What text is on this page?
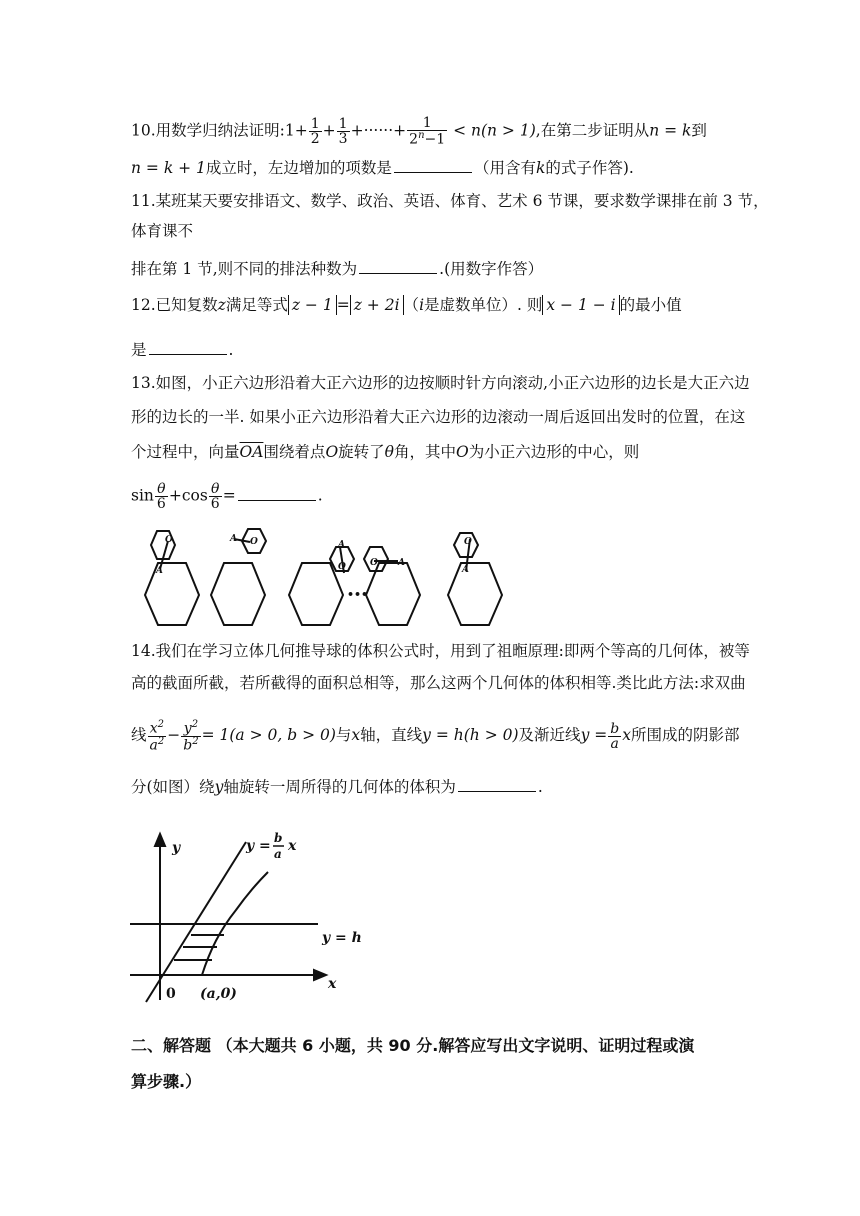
10.用数学归纳法证明:1+ $\frac{1}{2} + \frac{1}{3}$ +······+ $\frac{1}{2^n-1} < n(n > 1)$,在第二步证明从n = k到
n = k + 1成立时，左边增加的项数是	（用含有k的式子作答).
11.某班某天要安排语文、数学、政治、英语、体育、艺术 6 节课，要求数学课排在前 3 节，
体育课不
排在第 1 节,则不同的排法种数为	.(用数字作答）
12.已知复数z满足等式 z − 1 = z + 2i （i是虚数单位）. 则 x − 1 − i 的最小值
是	.
13.如图，小正六边形沿着大正六边形的边按顺时针方向滚动,小正六边形的边长是大正六边
形的边长的一半. 如果小正六边形沿着大正六边形的边滚动一周后返回出发时的位置，在这
个过程中，向量$\overline{OA}$围绕着点O旋转了θ角，其中O为小正六边形的中心，则
$\sin \frac{\theta}{6} +\cos \frac{\theta}{6}$ =	.
O
A
A O	A
O	O A
O
A
•••
14.我们在学习立体几何推导球的体积公式时，用到了祖暅原理:即两个等高的几何体，被等
高的截面所截，若所截得的面积总相等，那么这两个几何体的体积相等.类比此方法:求双曲
线 $\frac{x^2}{a^2} - \frac{y^2}{b^2} = 1(a > 0$, b > 0)与x轴，直线y = h(h > 0)及渐近线$y = \frac{b}{a}$ x所围成的阴影部
分(如图）绕y轴旋转一周所得的几何体的体积为	.
y
x
0 (a,0)
y = h
y = b
a x
二、解答题 （本大题共 6 小题，共 90 分.解答应写出文字说明、证明过程或演
算步骤.）
